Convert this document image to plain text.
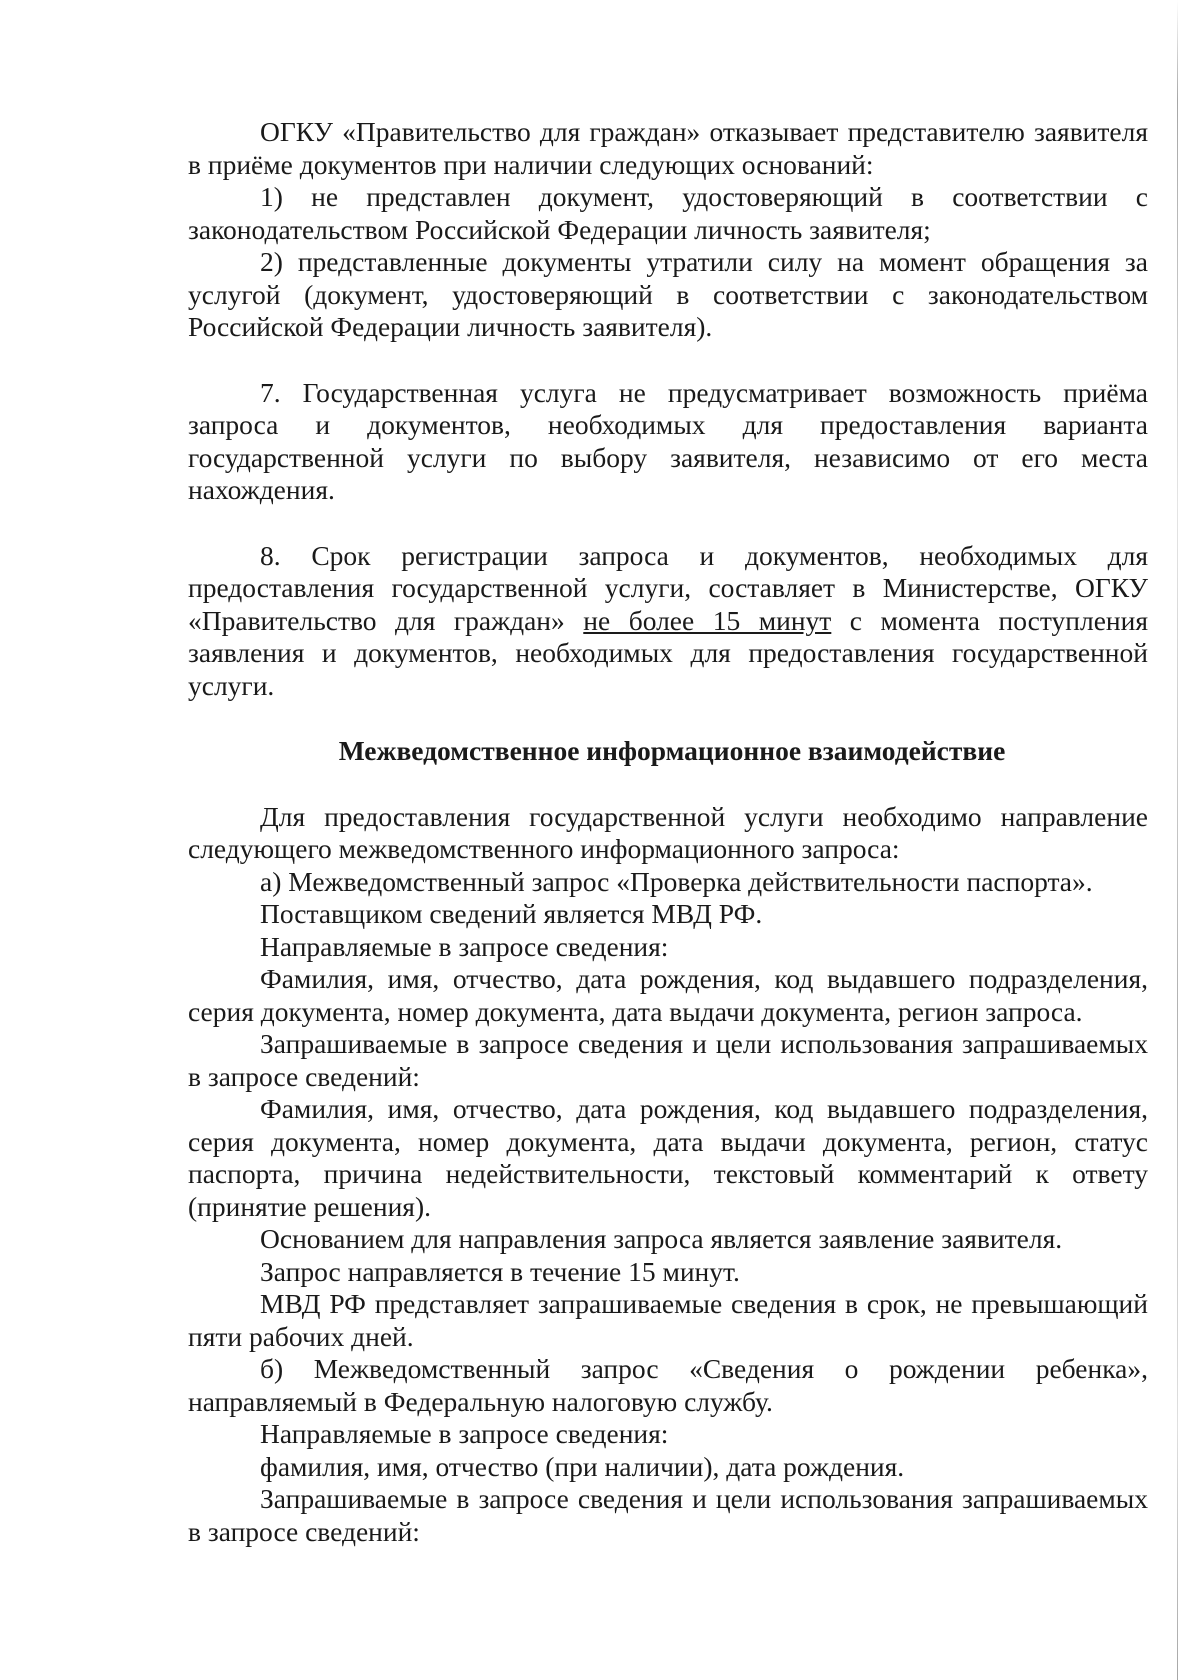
ОГКУ «Правительство для граждан» отказывает представителю заявителя в приёме документов при наличии следующих оснований:

1) не представлен документ, удостоверяющий в соответствии с законодательством Российской Федерации личность заявителя;

2) представленные документы утратили силу на момент обращения за услугой (документ, удостоверяющий в соответствии с законодательством Российской Федерации личность заявителя).

7. Государственная услуга не предусматривает возможность приёма запроса и документов, необходимых для предоставления варианта государственной услуги по выбору заявителя, независимо от его места нахождения.

8. Срок регистрации запроса и документов, необходимых для предоставления государственной услуги, составляет в Министерстве, ОГКУ «Правительство для граждан» не более 15 минут с момента поступления заявления и документов, необходимых для предоставления государственной услуги.

Межведомственное информационное взаимодействие

Для предоставления государственной услуги необходимо направление следующего межведомственного информационного запроса:

а) Межведомственный запрос «Проверка действительности паспорта».

Поставщиком сведений является МВД РФ.

Направляемые в запросе сведения:

Фамилия, имя, отчество, дата рождения, код выдавшего подразделения, серия документа, номер документа, дата выдачи документа, регион запроса.

Запрашиваемые в запросе сведения и цели использования запрашиваемых в запросе сведений:

Фамилия, имя, отчество, дата рождения, код выдавшего подразделения, серия документа, номер документа, дата выдачи документа, регион, статус паспорта, причина недействительности, текстовый комментарий к ответу (принятие решения).

Основанием для направления запроса является заявление заявителя.

Запрос направляется в течение 15 минут.

МВД РФ представляет запрашиваемые сведения в срок, не превышающий пяти рабочих дней.

б) Межведомственный запрос «Сведения о рождении ребенка», направляемый в Федеральную налоговую службу.

Направляемые в запросе сведения:

фамилия, имя, отчество (при наличии), дата рождения.

Запрашиваемые в запросе сведения и цели использования запрашиваемых в запросе сведений:
